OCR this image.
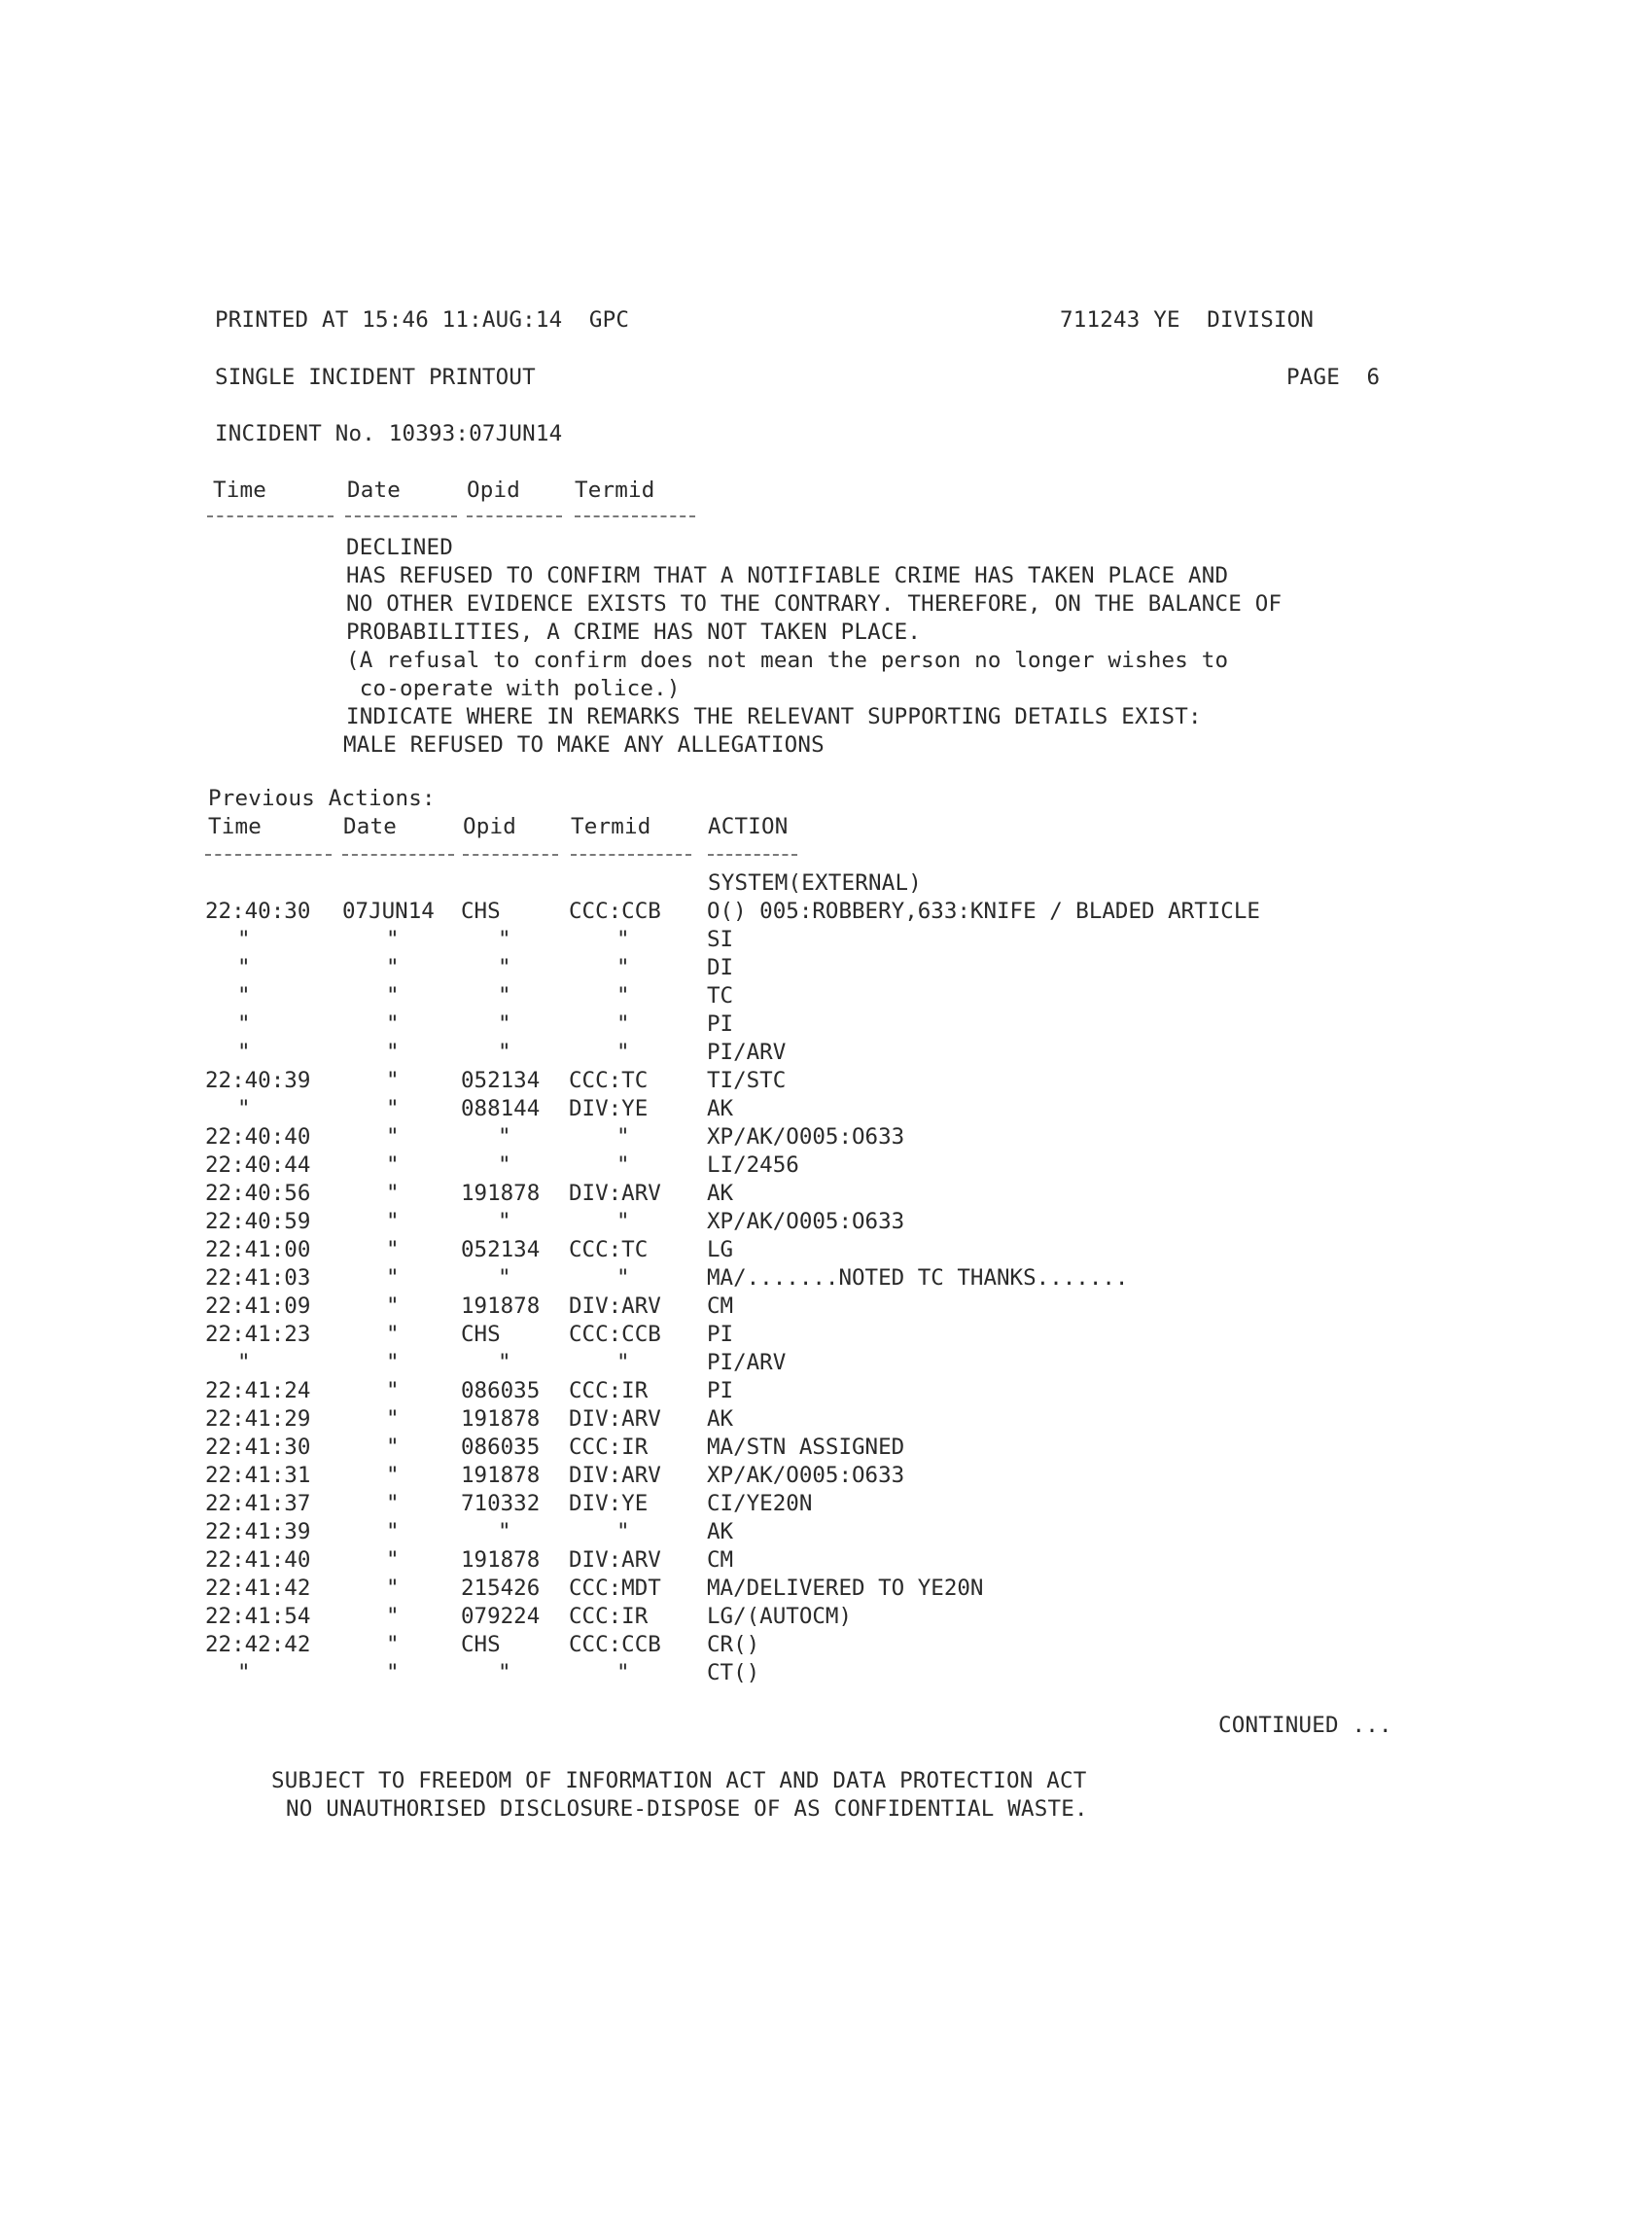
PRINTED AT 15:46 11:AUG:14  GPC	711243 YE  DIVISION
SINGLE INCIDENT PRINTOUT	PAGE  6
INCIDENT No. 10393:07JUN14
Time	Date	Opid Termid
DECLINED
HAS REFUSED TO CONFIRM THAT A NOTIFIABLE CRIME HAS TAKEN PLACE AND
NO OTHER EVIDENCE EXISTS TO THE CONTRARY. THEREFORE, ON THE BALANCE OF
PROBABILITIES, A CRIME HAS NOT TAKEN PLACE.
(A refusal to confirm does not mean the person no longer wishes to
co-operate with police.)
INDICATE WHERE IN REMARKS THE RELEVANT SUPPORTING DETAILS EXIST:
MALE REFUSED TO MAKE ANY ALLEGATIONS
Previous Actions:
Time	Date	Opid Termid	ACTION
SYSTEM(EXTERNAL)
22:40:30 07JUN14 CHS	CCC:CCB O() 005:ROBBERY,633:KNIFE / BLADED ARTICLE
"	"	"	"	SI
"	"	"	"	DI
"	"	"	"	TC
"	"	"	"	PI
"	"	"	"	PI/ARV
22:40:39	"	052134 CCC:TC	TI/STC
"	"	088144 DIV:YE	AK
22:40:40	"	"	"	XP/AK/O005:O633
22:40:44	"	"	"	LI/2456
22:40:56	"	191878 DIV:ARV AK
22:40:59	"	"	"	XP/AK/O005:O633
22:41:00	"	052134 CCC:TC	LG
22:41:03	"	"	"	MA/.......NOTED TC THANKS.......
22:41:09	"	191878 DIV:ARV CM
22:41:23	"	CHS	CCC:CCB PI
"	"	"	"	PI/ARV
22:41:24	"	086035 CCC:IR	PI
22:41:29	"	191878 DIV:ARV AK
22:41:30	"	086035 CCC:IR	MA/STN ASSIGNED
22:41:31	"	191878 DIV:ARV XP/AK/O005:O633
22:41:37	"	710332 DIV:YE	CI/YE20N
22:41:39	"	"	"	AK
22:41:40	"	191878 DIV:ARV CM
22:41:42	"	215426 CCC:MDT MA/DELIVERED TO YE20N
22:41:54	"	079224 CCC:IR	LG/(AUTOCM)
22:42:42	"	CHS	CCC:CCB CR()
"	"	"	"	CT()
CONTINUED ...
SUBJECT TO FREEDOM OF INFORMATION ACT AND DATA PROTECTION ACT
NO UNAUTHORISED DISCLOSURE-DISPOSE OF AS CONFIDENTIAL WASTE.
